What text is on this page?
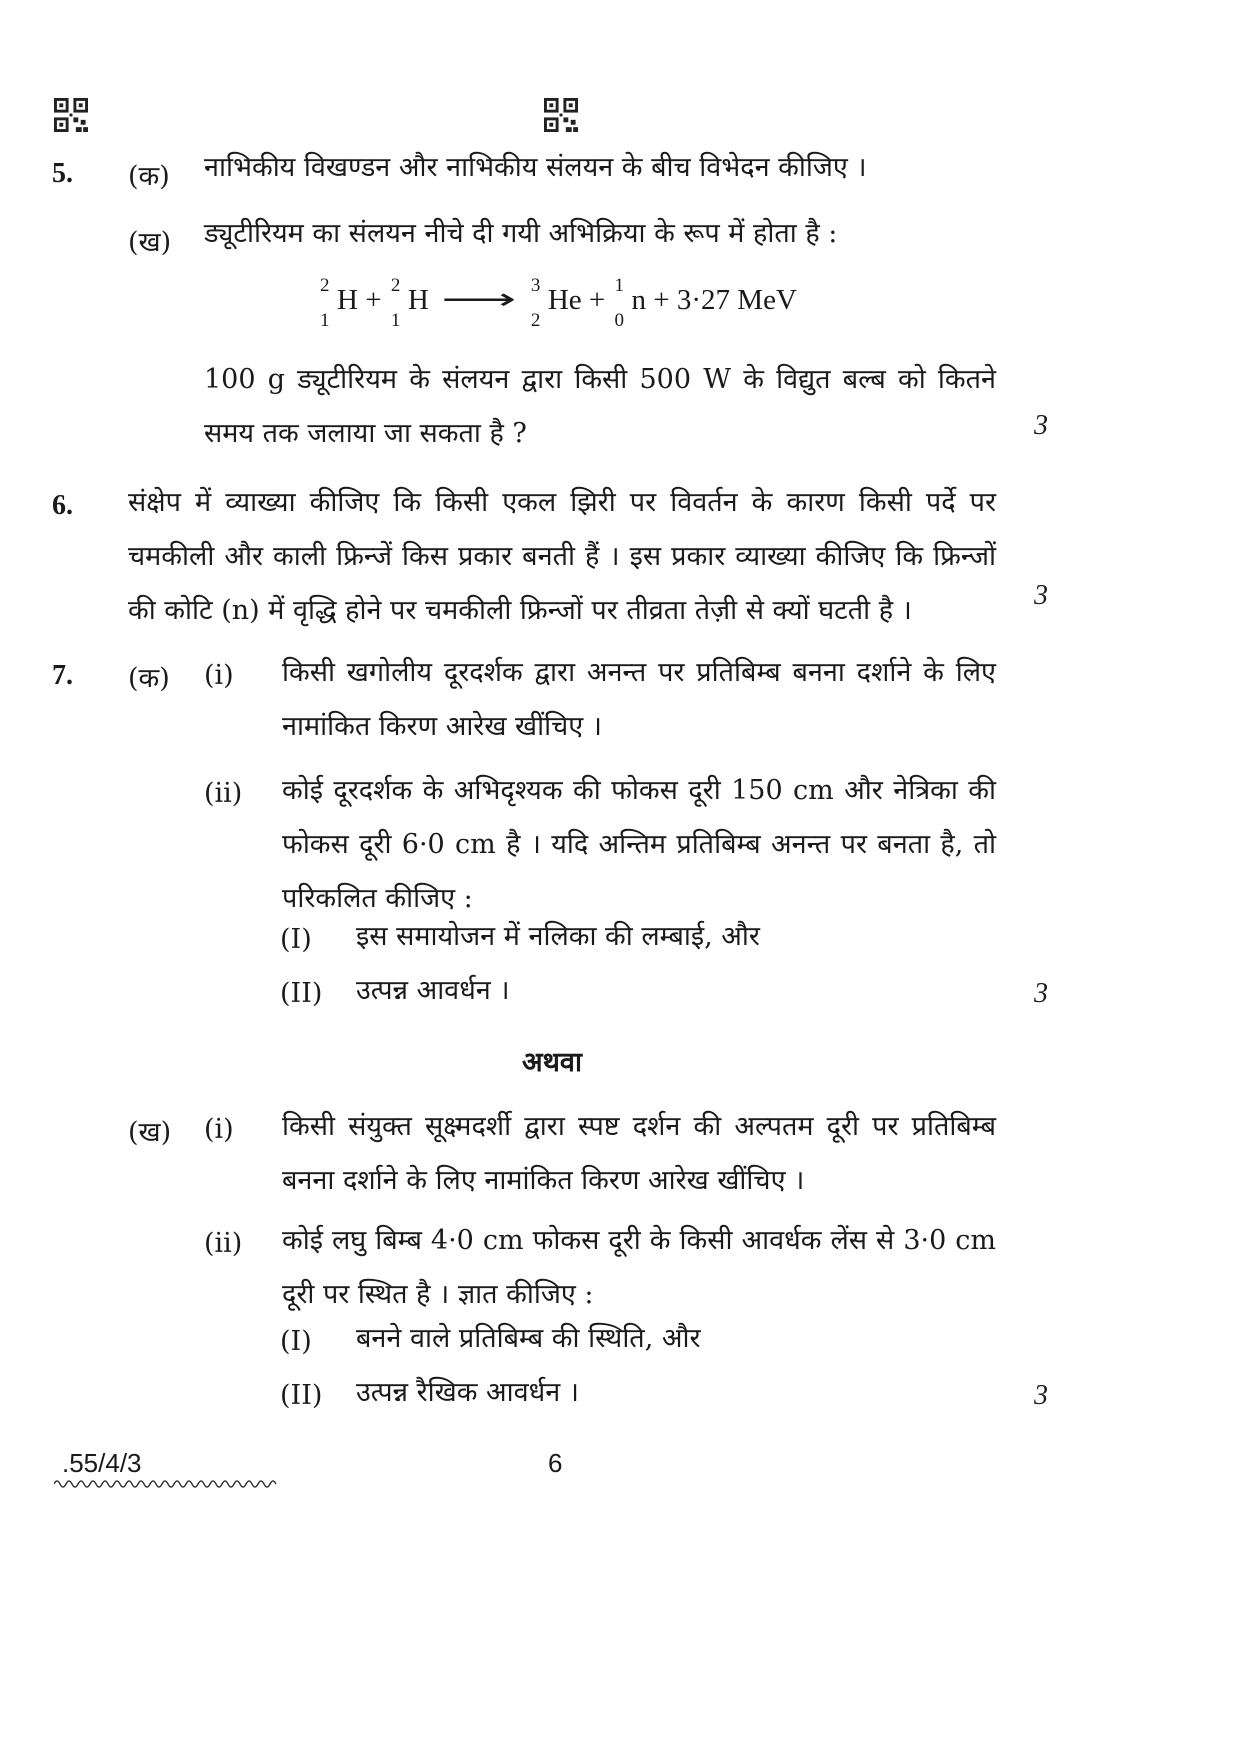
5. (क) नाभिकीय विखण्डन और नाभिकीय संलयन के बीच विभेदन कीजिए ।
(ख) ड्यूटीरियम का संलयन नीचे दी गयी अभिक्रिया के रूप में होता है :
2
1
H + 2
1
H ⟶ 3
2
He + 1
0
n + 3·27 MeV
100 g ड्यूटीरियम के संलयन द्वारा किसी 500 W के विद्युत बल्ब को कितने समय तक जलाया जा सकता है ?	3
6. संक्षेप में व्याख्या कीजिए कि किसी एकल झिरी पर विवर्तन के कारण किसी पर्दे पर चमकीली और काली फ्रिन्जें किस प्रकार बनती हैं । इस प्रकार व्याख्या कीजिए कि फ्रिन्जों की कोटि (n) में वृद्धि होने पर चमकीली फ्रिन्जों पर तीव्रता तेज़ी से क्यों घटती है ।	3
7. (क) (i) किसी खगोलीय दूरदर्शक द्वारा अनन्त पर प्रतिबिम्ब बनना दर्शाने के लिए नामांकित किरण आरेख खींचिए ।
(ii) कोई दूरदर्शक के अभिदृश्यक की फोकस दूरी 150 cm और नेत्रिका की फोकस दूरी 6·0 cm है । यदि अन्तिम प्रतिबिम्ब अनन्त पर बनता है, तो परिकलित कीजिए :
(I) इस समायोजन में नलिका की लम्बाई, और
(II) उत्पन्न आवर्धन ।	3
अथवा
(ख) (i) किसी संयुक्त सूक्ष्मदर्शी द्वारा स्पष्ट दर्शन की अल्पतम दूरी पर प्रतिबिम्ब बनना दर्शाने के लिए नामांकित किरण आरेख खींचिए ।
(ii) कोई लघु बिम्ब 4·0 cm फोकस दूरी के किसी आवर्धक लेंस से 3·0 cm दूरी पर स्थित है । ज्ञात कीजिए :
(I) बनने वाले प्रतिबिम्ब की स्थिति, और
(II) उत्पन्न रैखिक आवर्धन ।	3
.55/4/3	6
